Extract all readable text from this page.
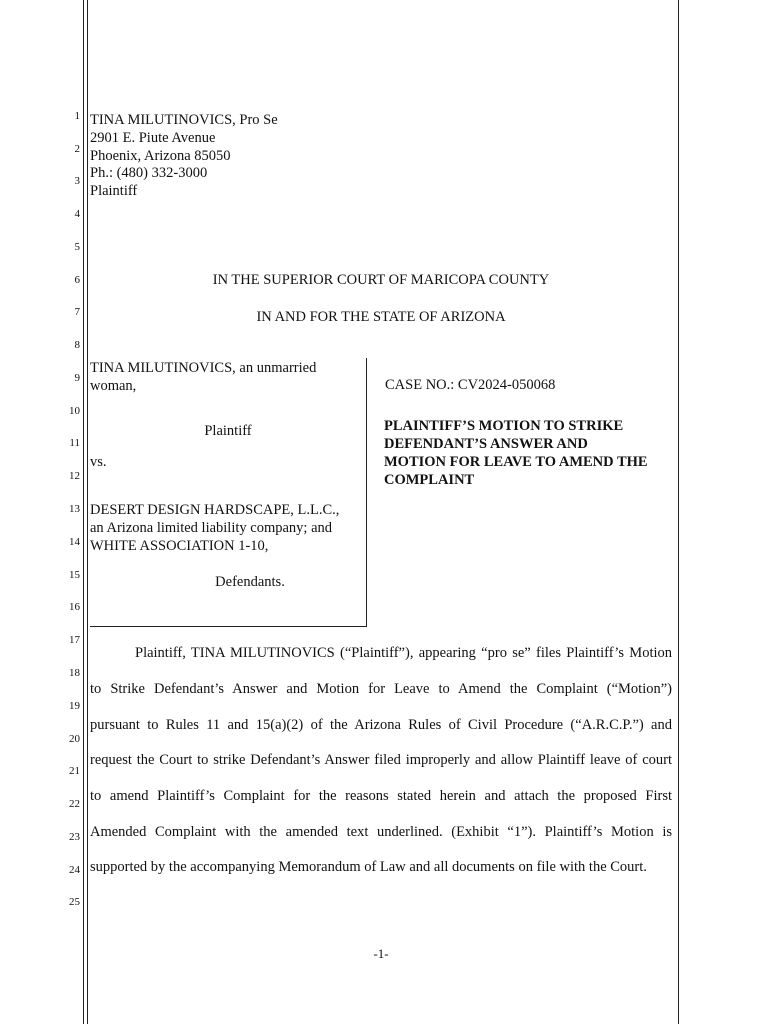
1
2
3
4
5
6
7
8
9
10
11
12
13
14
15
16
17
18
19
20
21
22
23
24
25
TINA MILUTINOVICS, Pro Se
2901 E. Piute Avenue
Phoenix, Arizona 85050
Ph.: (480) 332-3000
Plaintiff
IN THE SUPERIOR COURT OF MARICOPA COUNTY
IN AND FOR THE STATE OF ARIZONA
TINA MILUTINOVICS, an unmarried
woman,
Plaintiff
vs.
DESERT DESIGN HARDSCAPE, L.L.C.,
an Arizona limited liability company; and
WHITE ASSOCIATION 1-10,
Defendants.
CASE NO.: CV2024-050068
PLAINTIFF’S MOTION TO STRIKE
DEFENDANT’S ANSWER AND
MOTION FOR LEAVE TO AMEND THE
COMPLAINT
Plaintiff, TINA MILUTINOVICS (“Plaintiff”), appearing “pro se” files Plaintiff’s Motion
to Strike Defendant’s Answer and Motion for Leave to Amend the Complaint (“Motion”)
pursuant to Rules 11 and 15(a)(2) of the Arizona Rules of Civil Procedure (“A.R.C.P.”) and
request the Court to strike Defendant’s Answer filed improperly and allow Plaintiff leave of court
to amend Plaintiff’s Complaint for the reasons stated herein and attach the proposed First
Amended Complaint with the amended text underlined. (Exhibit “1”). Plaintiff’s Motion is
supported by the accompanying Memorandum of Law and all documents on file with the Court.
-1-
